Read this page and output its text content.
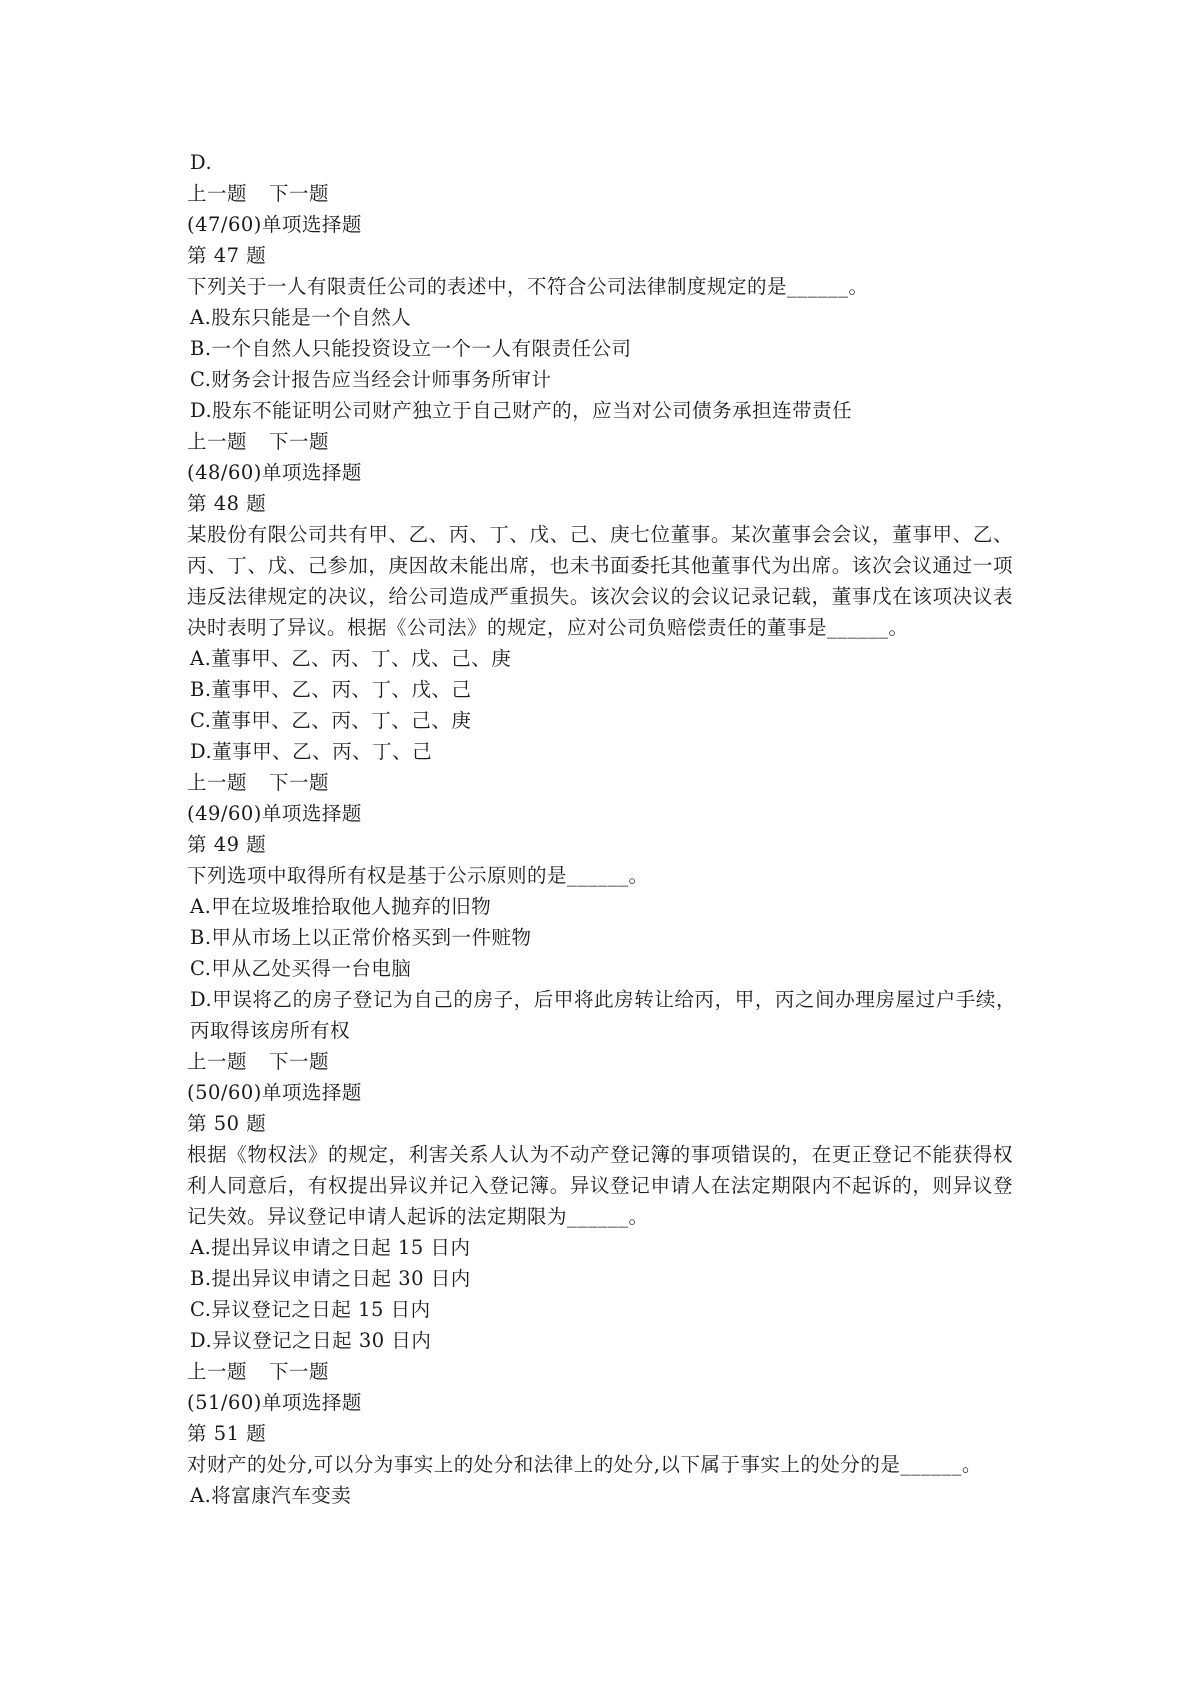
D.
上一题 下一题
(47/60)单项选择题
第 47 题
下列关于一人有限责任公司的表述中，不符合公司法律制度规定的是______。
A.股东只能是一个自然人
B.一个自然人只能投资设立一个一人有限责任公司
C.财务会计报告应当经会计师事务所审计
D.股东不能证明公司财产独立于自己财产的，应当对公司债务承担连带责任
上一题 下一题
(48/60)单项选择题
第 48 题
某股份有限公司共有甲、乙、丙、丁、戊、己、庚七位董事。某次董事会会议，董事甲、乙、丙、丁、戊、己参加，庚因故未能出席，也未书面委托其他董事代为出席。该次会议通过一项违反法律规定的决议，给公司造成严重损失。该次会议的会议记录记载，董事戊在该项决议表决时表明了异议。根据《公司法》的规定，应对公司负赔偿责任的董事是______。
A.董事甲、乙、丙、丁、戊、己、庚
B.董事甲、乙、丙、丁、戊、己
C.董事甲、乙、丙、丁、己、庚
D.董事甲、乙、丙、丁、己
上一题 下一题
(49/60)单项选择题
第 49 题
下列选项中取得所有权是基于公示原则的是______。
A.甲在垃圾堆拾取他人抛弃的旧物
B.甲从市场上以正常价格买到一件赃物
C.甲从乙处买得一台电脑
D.甲误将乙的房子登记为自己的房子，后甲将此房转让给丙，甲，丙之间办理房屋过户手续，丙取得该房所有权
上一题 下一题
(50/60)单项选择题
第 50 题
根据《物权法》的规定，利害关系人认为不动产登记簿的事项错误的，在更正登记不能获得权利人同意后，有权提出异议并记入登记簿。异议登记申请人在法定期限内不起诉的，则异议登记失效。异议登记申请人起诉的法定期限为______。
A.提出异议申请之日起 15 日内
B.提出异议申请之日起 30 日内
C.异议登记之日起 15 日内
D.异议登记之日起 30 日内
上一题 下一题
(51/60)单项选择题
第 51 题
对财产的处分,可以分为事实上的处分和法律上的处分,以下属于事实上的处分的是______。
A.将富康汽车变卖
